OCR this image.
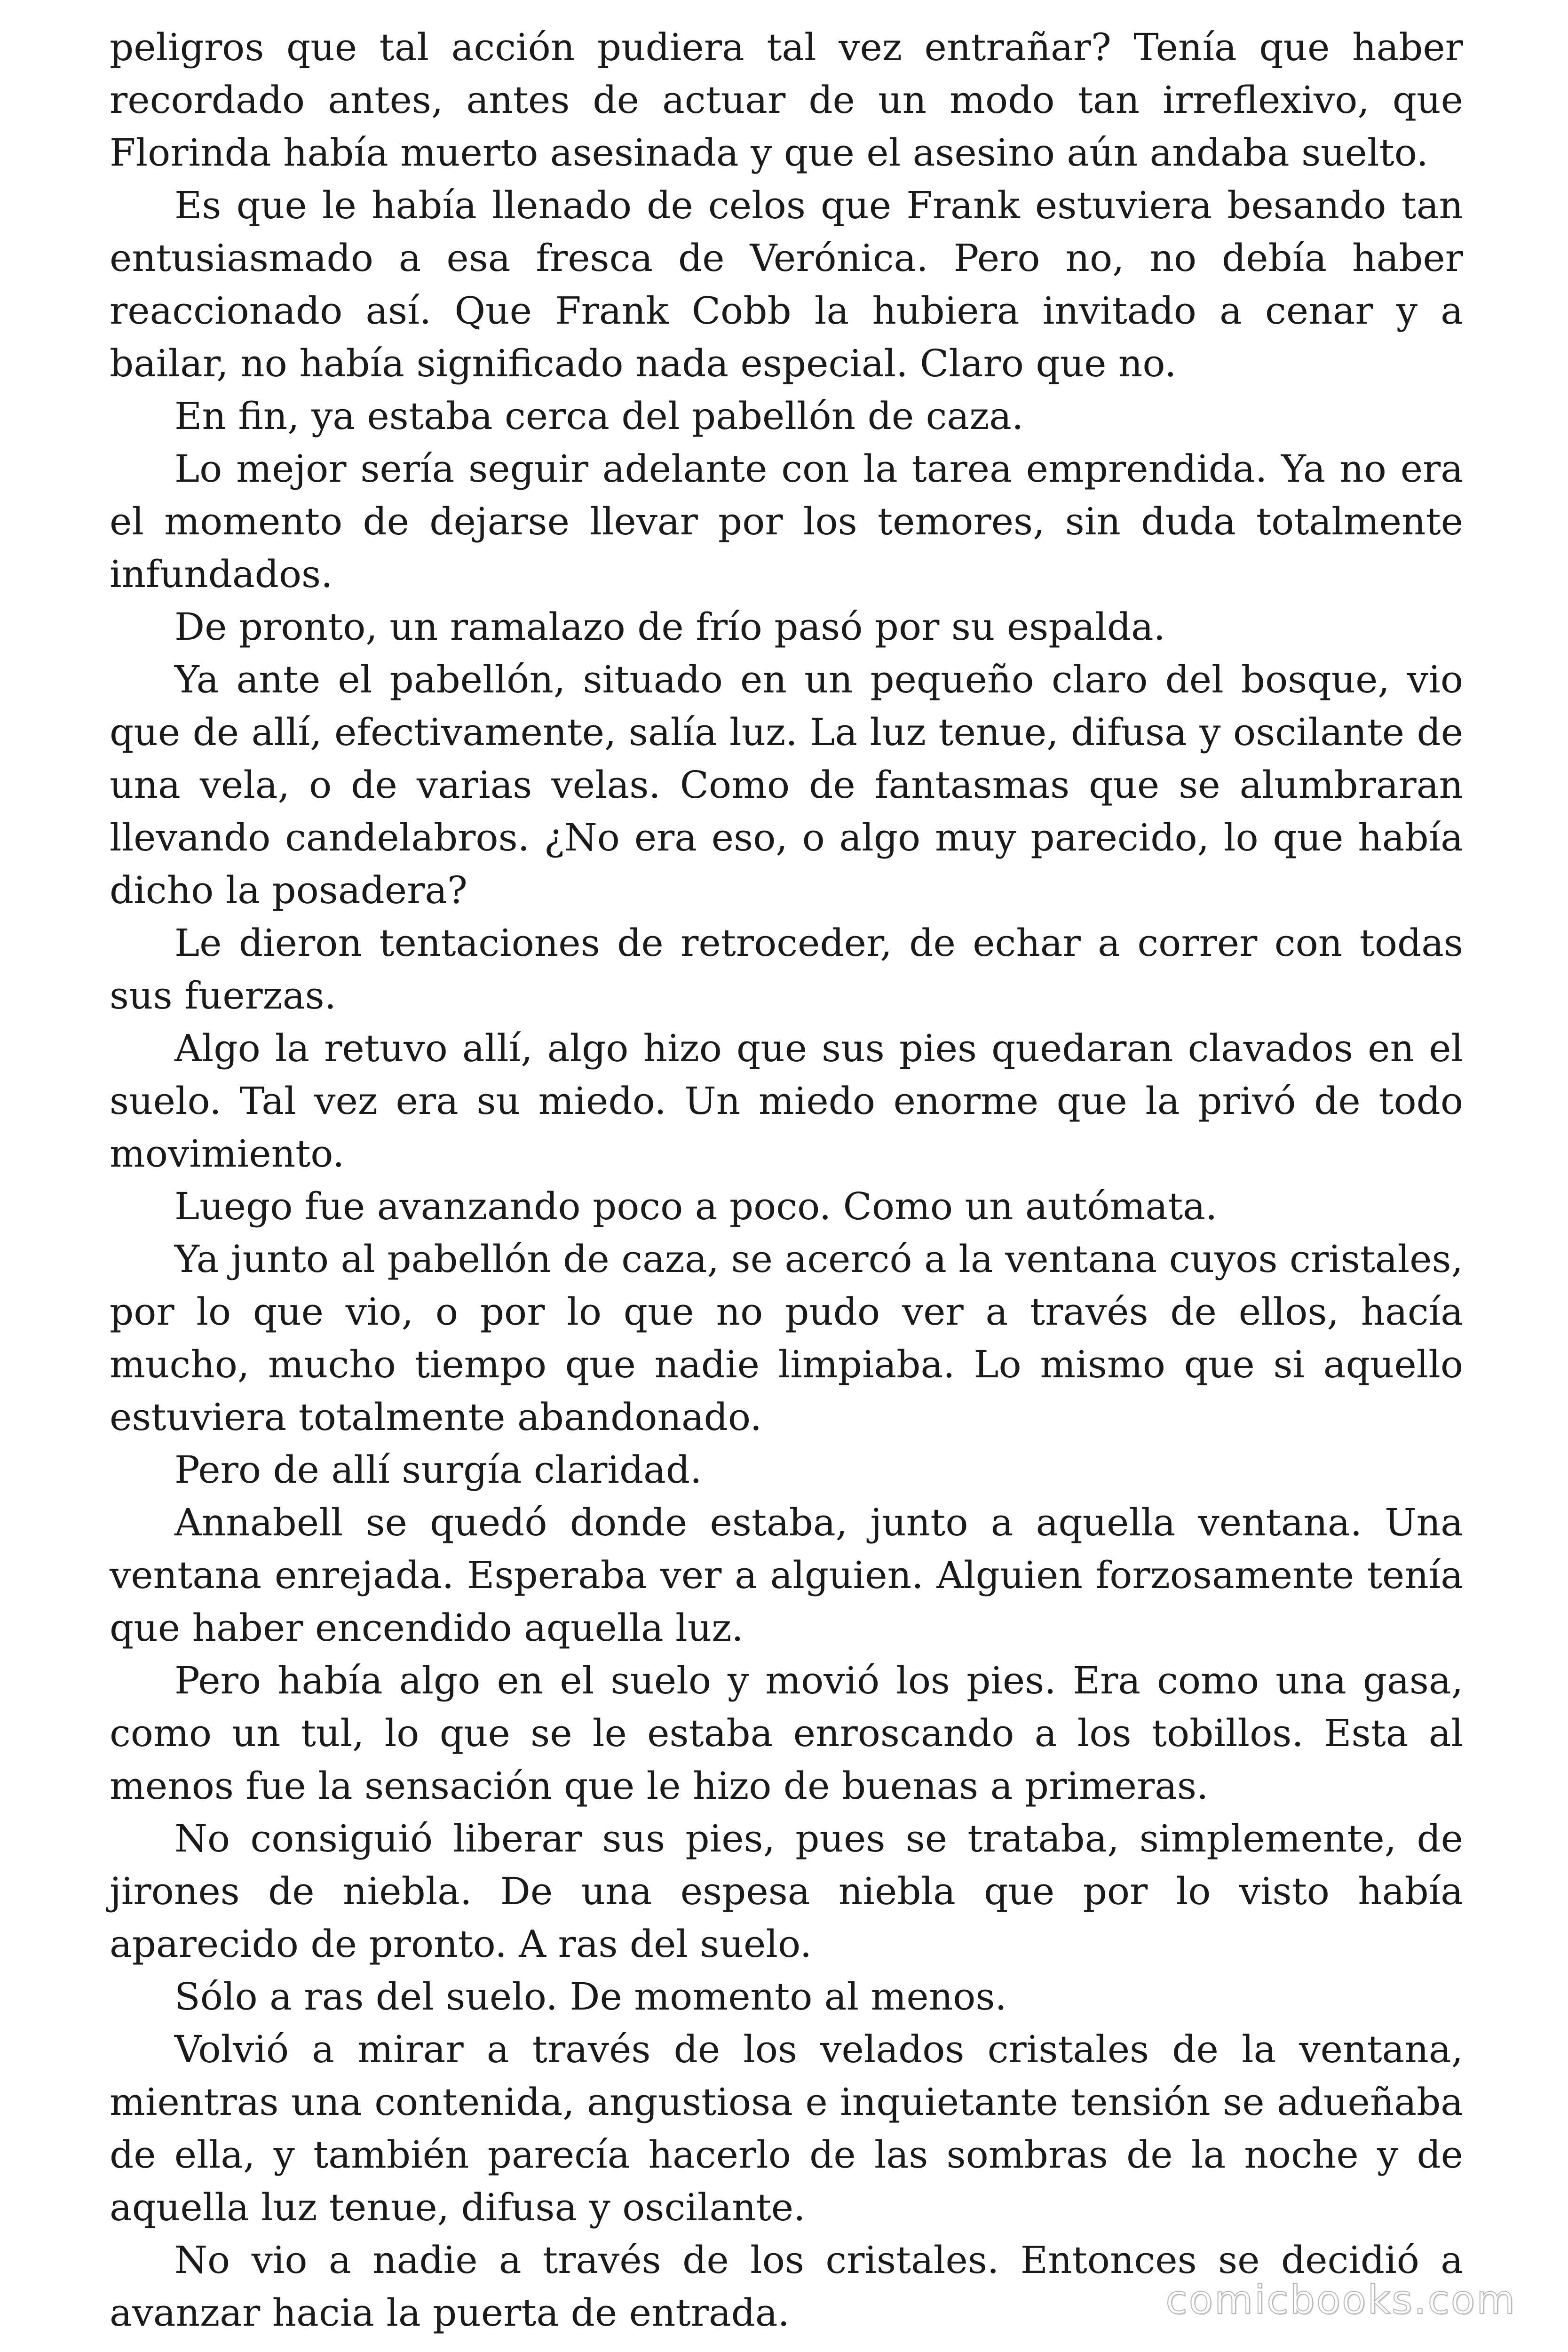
peligros que tal acción pudiera tal vez entrañar? Tenía que haber recordado antes, antes de actuar de un modo tan irreflexivo, que Florinda había muerto asesinada y que el asesino aún andaba suelto.

Es que le había llenado de celos que Frank estuviera besando tan entusiasmado a esa fresca de Verónica. Pero no, no debía haber reaccionado así. Que Frank Cobb la hubiera invitado a cenar y a bailar, no había significado nada especial. Claro que no.

En fin, ya estaba cerca del pabellón de caza.

Lo mejor sería seguir adelante con la tarea emprendida. Ya no era el momento de dejarse llevar por los temores, sin duda totalmente infundados.

De pronto, un ramalazo de frío pasó por su espalda.

Ya ante el pabellón, situado en un pequeño claro del bosque, vio que de allí, efectivamente, salía luz. La luz tenue, difusa y oscilante de una vela, o de varias velas. Como de fantasmas que se alumbraran llevando candelabros. ¿No era eso, o algo muy parecido, lo que había dicho la posadera?

Le dieron tentaciones de retroceder, de echar a correr con todas sus fuerzas.

Algo la retuvo allí, algo hizo que sus pies quedaran clavados en el suelo. Tal vez era su miedo. Un miedo enorme que la privó de todo movimiento.

Luego fue avanzando poco a poco. Como un autómata.

Ya junto al pabellón de caza, se acercó a la ventana cuyos cristales, por lo que vio, o por lo que no pudo ver a través de ellos, hacía mucho, mucho tiempo que nadie limpiaba. Lo mismo que si aquello estuviera totalmente abandonado.

Pero de allí surgía claridad.

Annabell se quedó donde estaba, junto a aquella ventana. Una ventana enrejada. Esperaba ver a alguien. Alguien forzosamente tenía que haber encendido aquella luz.

Pero había algo en el suelo y movió los pies. Era como una gasa, como un tul, lo que se le estaba enroscando a los tobillos. Esta al menos fue la sensación que le hizo de buenas a primeras.

No consiguió liberar sus pies, pues se trataba, simplemente, de jirones de niebla. De una espesa niebla que por lo visto había aparecido de pronto. A ras del suelo.

Sólo a ras del suelo. De momento al menos.

Volvió a mirar a través de los velados cristales de la ventana, mientras una contenida, angustiosa e inquietante tensión se adueñaba de ella, y también parecía hacerlo de las sombras de la noche y de aquella luz tenue, difusa y oscilante.

No vio a nadie a través de los cristales. Entonces se decidió a avanzar hacia la puerta de entrada.	comicbooks.com
